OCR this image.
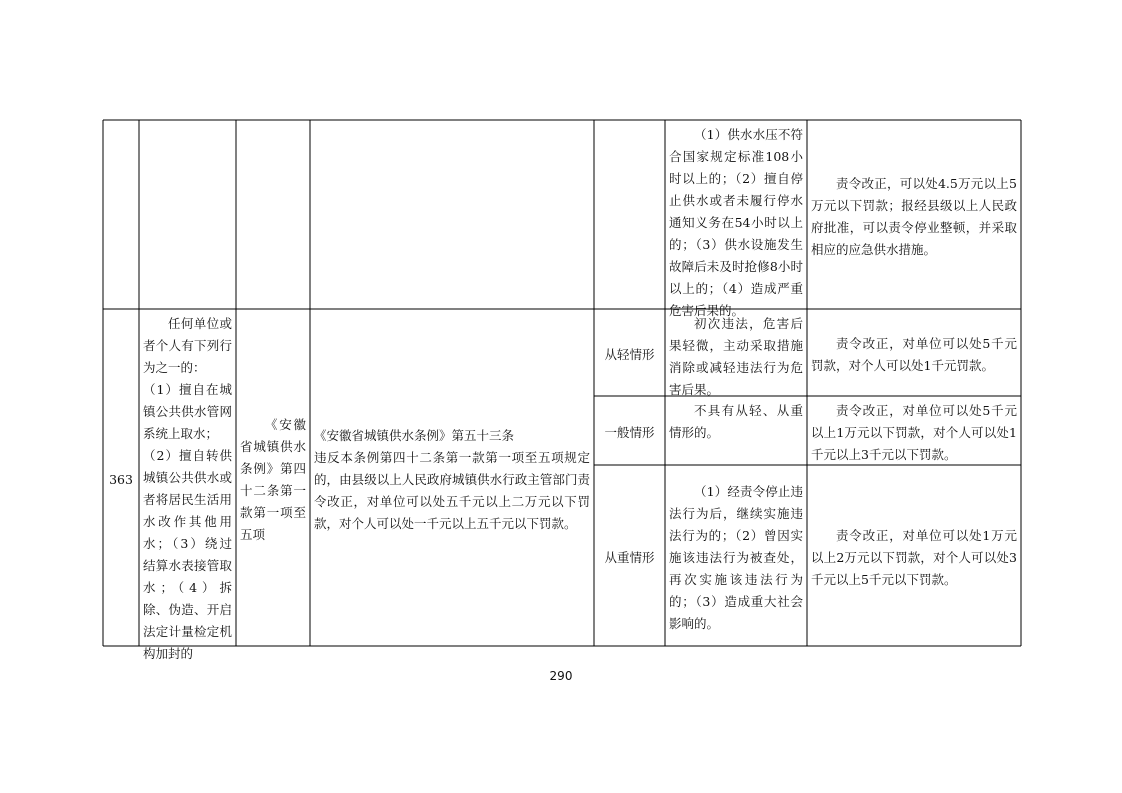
（1）供水水压不符合国家规定标准108小时以上的；（2）擅自停止供水或者未履行停水通知义务在54小时以上的；（3）供水设施发生故障后未及时抢修8小时以上的；（4）造成严重危害后果的。
责令改正，可以处4.5万元以上5万元以下罚款；报经县级以上人民政府批准，可以责令停业整顿，并采取相应的应急供水措施。
363
任何单位或者个人有下列行为之一的：
（1）擅自在城镇公共供水管网系统上取水；
（2）擅自转供城镇公共供水或者将居民生活用水改作其他用水；（3）绕过结算水表接管取水；（4）拆除、伪造、开启法定计量检定机构加封的
《安徽省城镇供水条例》第四十二条第一款第一项至五项
《安徽省城镇供水条例》第五十三条
违反本条例第四十二条第一款第一项至五项规定的，由县级以上人民政府城镇供水行政主管部门责令改正，对单位可以处五千元以上二万元以下罚款，对个人可以处一千元以上五千元以下罚款。
从轻情形
初次违法，危害后果轻微，主动采取措施消除或减轻违法行为危害后果。
责令改正，对单位可以处5千元罚款，对个人可以处1千元罚款。
一般情形
不具有从轻、从重情形的。
责令改正，对单位可以处5千元以上1万元以下罚款，对个人可以处1千元以上3千元以下罚款。
从重情形
（1）经责令停止违法行为后，继续实施违法行为的；（2）曾因实施该违法行为被查处，再次实施该违法行为的；（3）造成重大社会影响的。
责令改正，对单位可以处1万元以上2万元以下罚款，对个人可以处3千元以上5千元以下罚款。
290
